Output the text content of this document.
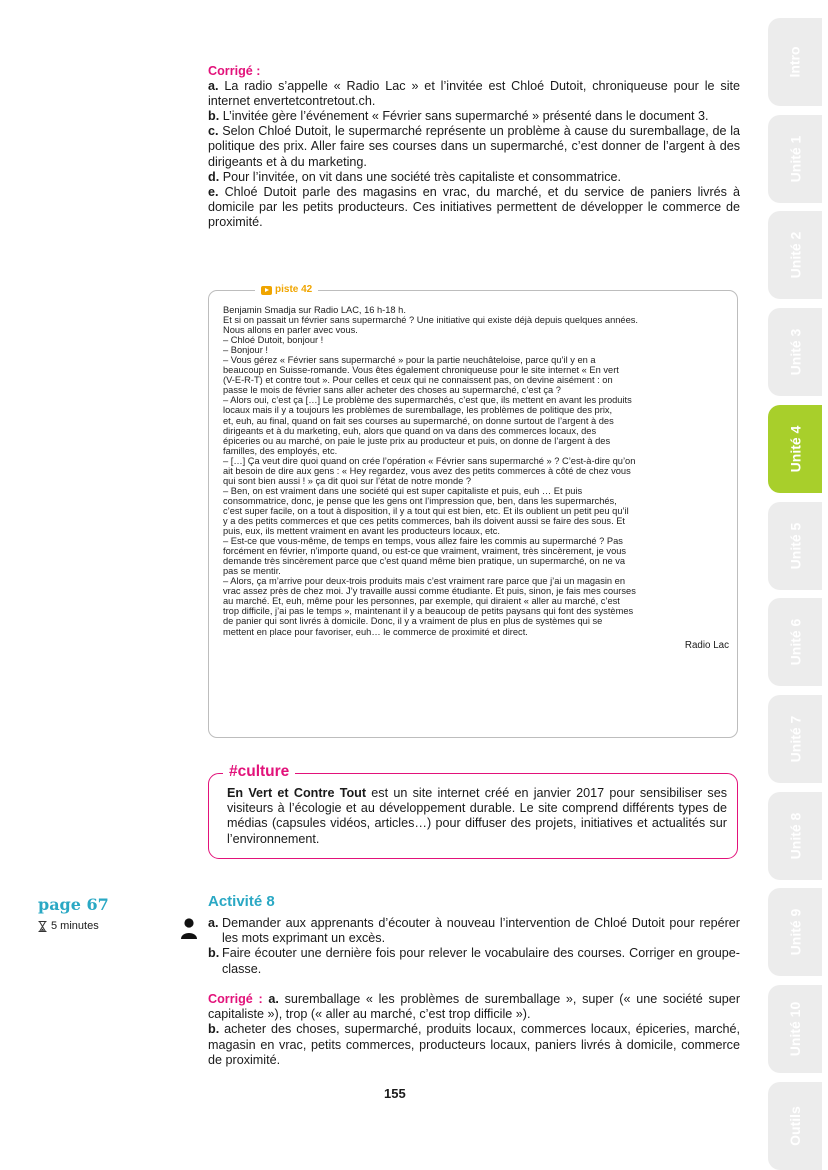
Corrigé :

a. La radio s’appelle « Radio Lac » et l’invitée est Chloé Dutoit, chroniqueuse pour le site internet envertetcontretout.ch.

b. L’invitée gère l’événement « Février sans supermarché » présenté dans le document 3.

c. Selon Chloé Dutoit, le supermarché représente un problème à cause du suremballage, de la politique des prix. Aller faire ses courses dans un supermarché, c’est donner de l’argent à des dirigeants et à du marketing.

d. Pour l’invitée, on vit dans une société très capitaliste et consommatrice.

e. Chloé Dutoit parle des magasins en vrac, du marché, et du service de paniers livrés à domicile par les petits producteurs. Ces initiatives permettent de développer le commerce de proximité.

piste 42
Benjamin Smadja sur Radio LAC, 16 h-18 h.
Et si on passait un février sans supermarché ? Une initiative qui existe déjà depuis quelques années.
Nous allons en parler avec vous.
– Chloé Dutoit, bonjour !
– Bonjour !
– Vous gérez « Février sans supermarché » pour la partie neuchâteloise, parce qu’il y en a
beaucoup en Suisse-romande. Vous êtes également chroniqueuse pour le site internet « En vert
(V-E-R-T) et contre tout ». Pour celles et ceux qui ne connaissent pas, on devine aisément : on
passe le mois de février sans aller acheter des choses au supermarché, c’est ça ?
– Alors oui, c’est ça […] Le problème des supermarchés, c’est que, ils mettent en avant les produits
locaux mais il y a toujours les problèmes de suremballage, les problèmes de politique des prix,
et, euh, au final, quand on fait ses courses au supermarché, on donne surtout de l’argent à des
dirigeants et à du marketing, euh, alors que quand on va dans des commerces locaux, des
épiceries ou au marché, on paie le juste prix au producteur et puis, on donne de l’argent à des
familles, des employés, etc.
– […] Ça veut dire quoi quand on crée l’opération « Février sans supermarché » ? C’est-à-dire qu’on
ait besoin de dire aux gens : « Hey regardez, vous avez des petits commerces à côté de chez vous
qui sont bien aussi ! » ça dit quoi sur l’état de notre monde ?
– Ben, on est vraiment dans une société qui est super capitaliste et puis, euh … Et puis
consommatrice, donc, je pense que les gens ont l’impression que, ben, dans les supermarchés,
c’est super facile, on a tout à disposition, il y a tout qui est bien, etc. Et ils oublient un petit peu qu’il
y a des petits commerces et que ces petits commerces, bah ils doivent aussi se faire des sous. Et
puis, eux, ils mettent vraiment en avant les producteurs locaux, etc.
– Est-ce que vous-même, de temps en temps, vous allez faire les commis au supermarché ? Pas
forcément en février, n’importe quand, ou est-ce que vraiment, vraiment, très sincèrement, je vous
demande très sincèrement parce que c’est quand même bien pratique, un supermarché, on ne va
pas se mentir.
– Alors, ça m’arrive pour deux-trois produits mais c’est vraiment rare parce que j’ai un magasin en
vrac assez près de chez moi. J’y travaille aussi comme étudiante. Et puis, sinon, je fais mes courses
au marché. Et, euh, même pour les personnes, par exemple, qui diraient « aller au marché, c’est
trop difficile, j’ai pas le temps », maintenant il y a beaucoup de petits paysans qui font des systèmes
de panier qui sont livrés à domicile. Donc, il y a vraiment de plus en plus de systèmes qui se
mettent en place pour favoriser, euh… le commerce de proximité et direct.
Radio Lac
#culture
En Vert et Contre Tout est un site internet créé en janvier 2017 pour sensibiliser ses visiteurs à l’écologie et au développement durable. Le site comprend différents types de médias (capsules vidéos, articles…) pour diffuser des projets, initiatives et actualités sur l’environnement.
page 67
5 minutes
Activité 8
a. Demander aux apprenants d’écouter à nouveau l’intervention de Chloé Dutoit pour repérer les mots exprimant un excès.
b. Faire écouter une dernière fois pour relever le vocabulaire des courses. Corriger en groupe-classe.

Corrigé : a. suremballage « les problèmes de suremballage », super (« une société super capitaliste »), trop (« aller au marché, c’est trop difficile »).

b. acheter des choses, supermarché, produits locaux, commerces locaux, épiceries, marché, magasin en vrac, petits commerces, producteurs locaux, paniers livrés à domicile, commerce de proximité.

155
Intro
Unité 1
Unité 2
Unité 3
Unité 4
Unité 5
Unité 6
Unité 7
Unité 8
Unité 9
Unité 10
Outils
